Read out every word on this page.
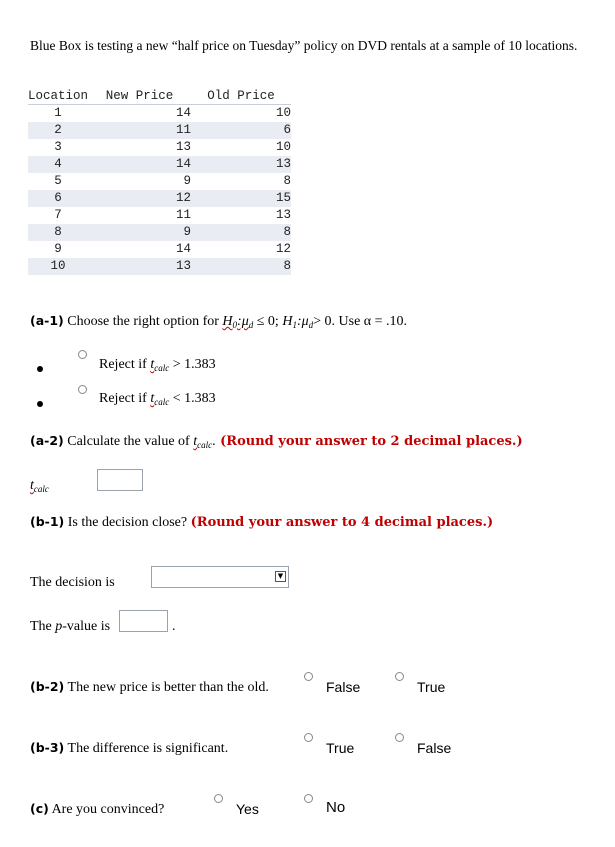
Blue Box is testing a new “half price on Tuesday” policy on DVD rentals at a sample of 10 locations.
Location	New Price	Old Price
1	14	10
2	11	6
3	13	10
4	14	13
5	9	8
6	12	15
7	11	13
8	9	8
9	14	12
10	13	8
(a-1) Choose the right option for $H_0:\mu_d \le 0$; $H_1:\mu_d> 0$. Use α = .10.
Reject if $t_{calc} > 1.383$
Reject if $t_{calc} < 1.383$
(a-2) Calculate the value of $t_{calc}$. (Round your answer to 2 decimal places.)
$t_{calc}$
(b-1) Is the decision close? (Round your answer to 4 decimal places.)
The decision is	▼
The p-value is	.
(b-2) The new price is better than the old.	False	True
(b-3) The difference is significant.	True	False
(c) Are you convinced?	Yes	No
